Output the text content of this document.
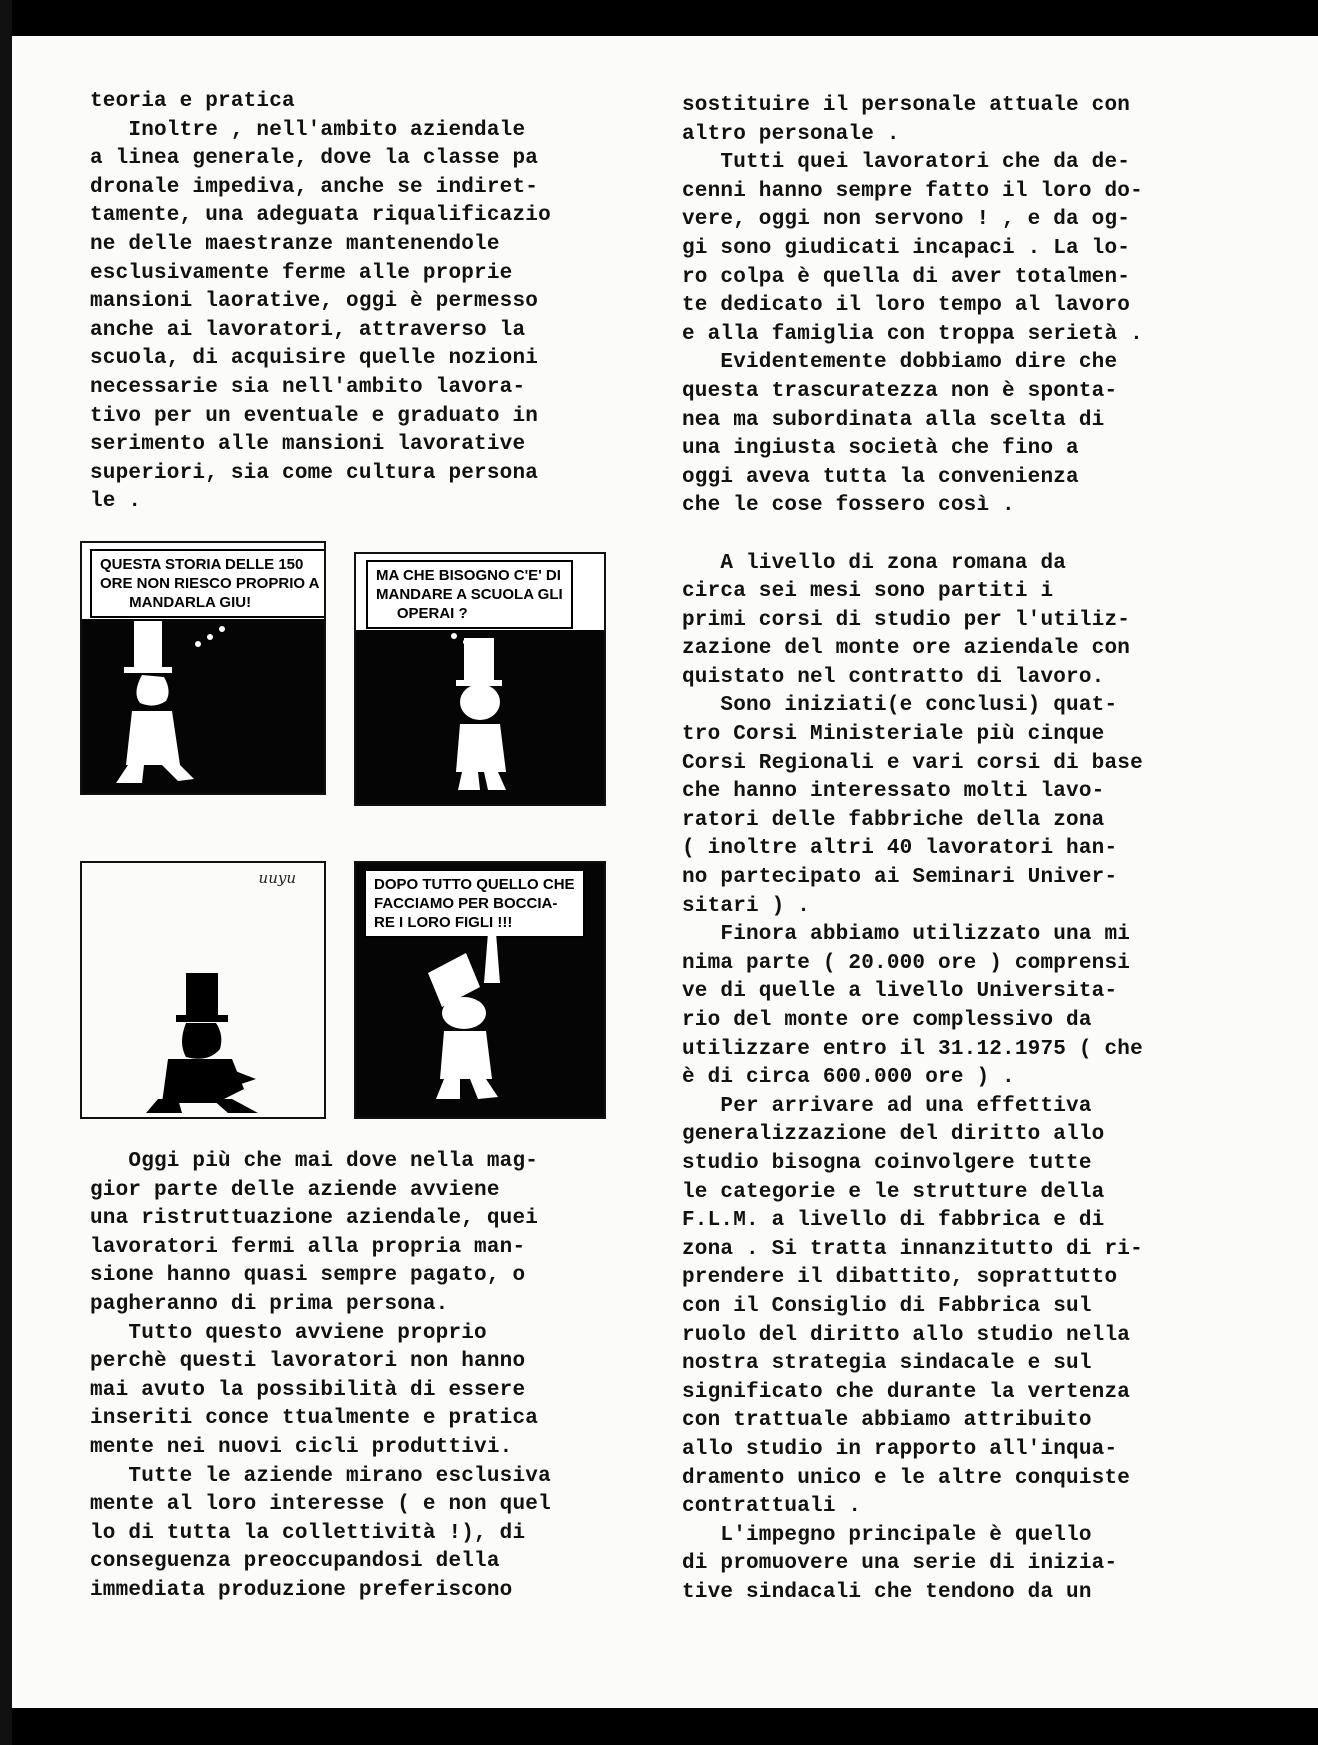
teoria e pratica
Inoltre , nell'ambito aziendale
a linea generale, dove la classe pa
dronale impediva, anche se indiret-
tamente, una adeguata riqualificazio
ne delle maestranze mantenendole
esclusivamente ferme alle proprie
mansioni laorative, oggi è permesso
anche ai lavoratori, attraverso la
scuola, di acquisire quelle nozioni
necessarie sia nell'ambito lavora-
tivo per un eventuale e graduato in
serimento alle mansioni lavorative
superiori, sia come cultura persona
le .
QUESTA STORIA DELLE 150
ORE NON RIESCO PROPRIO A
MANDARLA GIU!
MA CHE BISOGNO C'E' DI
MANDARE A SCUOLA GLI
OPERAI ?
uuyu	DOPO TUTTO QUELLO CHE
FACCIAMO PER BOCCIA-
RE I LORO FIGLI !!!
Oggi più che mai dove nella mag-
gior parte delle aziende avviene
una ristruttuazione aziendale, quei
lavoratori fermi alla propria man-
sione hanno quasi sempre pagato, o
pagheranno di prima persona.
Tutto questo avviene proprio
perchè questi lavoratori non hanno
mai avuto la possibilità di essere
inseriti conce ttualmente e pratica
mente nei nuovi cicli produttivi.
Tutte le aziende mirano esclusiva
mente al loro interesse ( e non quel
lo di tutta la collettività !), di
conseguenza preoccupandosi della
immediata produzione preferiscono
sostituire il personale attuale con
altro personale .
Tutti quei lavoratori che da de-
cenni hanno sempre fatto il loro do-
vere, oggi non servono ! , e da og-
gi sono giudicati incapaci . La lo-
ro colpa è quella di aver totalmen-
te dedicato il loro tempo al lavoro
e alla famiglia con troppa serietà .
Evidentemente dobbiamo dire che
questa trascuratezza non è sponta-
nea ma subordinata alla scelta di
una ingiusta società che fino a
oggi aveva tutta la convenienza
che le cose fossero così .
A livello di zona romana da
circa sei mesi sono partiti i
primi corsi di studio per l'utiliz-
zazione del monte ore aziendale con
quistato nel contratto di lavoro.
Sono iniziati(e conclusi) quat-
tro Corsi Ministeriale più cinque
Corsi Regionali e vari corsi di base
che hanno interessato molti lavo-
ratori delle fabbriche della zona
( inoltre altri 40 lavoratori han-
no partecipato ai Seminari Univer-
sitari ) .
Finora abbiamo utilizzato una mi
nima parte ( 20.000 ore ) comprensi
ve di quelle a livello Universita-
rio del monte ore complessivo da
utilizzare entro il 31.12.1975 ( che
è di circa 600.000 ore ) .
Per arrivare ad una effettiva
generalizzazione del diritto allo
studio bisogna coinvolgere tutte
le categorie e le strutture della
F.L.M. a livello di fabbrica e di
zona . Si tratta innanzitutto di ri-
prendere il dibattito, soprattutto
con il Consiglio di Fabbrica sul
ruolo del diritto allo studio nella
nostra strategia sindacale e sul
significato che durante la vertenza
con trattuale abbiamo attribuito
allo studio in rapporto all'inqua-
dramento unico e le altre conquiste
contrattuali .
L'impegno principale è quello
di promuovere una serie di inizia-
tive sindacali che tendono da un
